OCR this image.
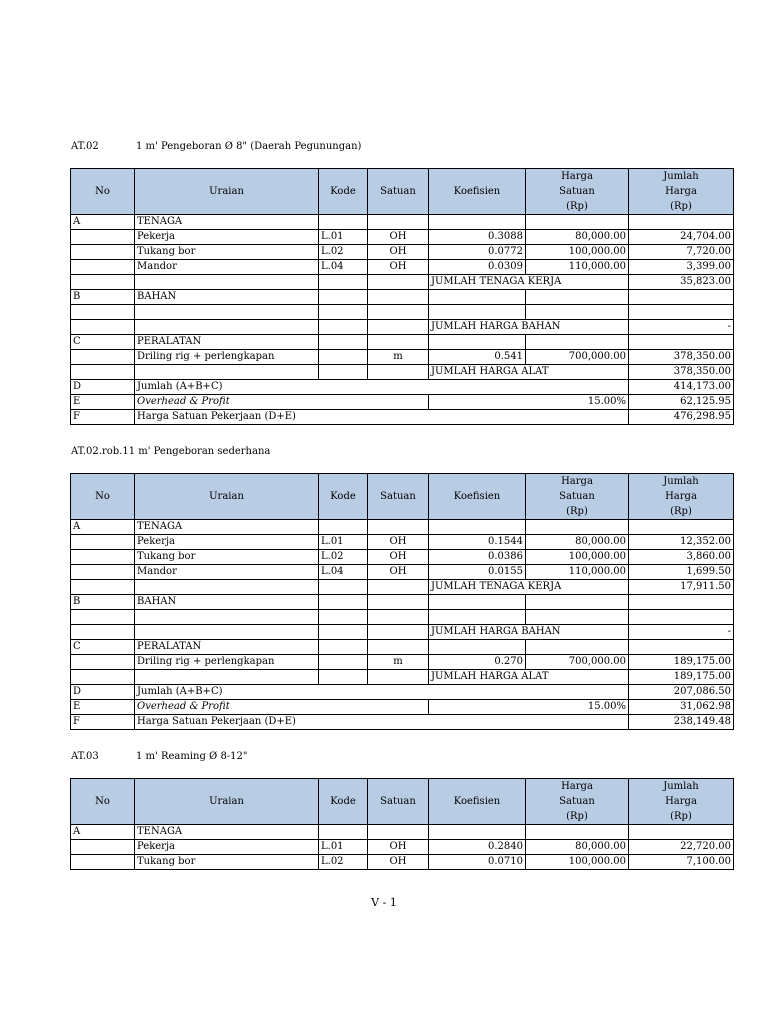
AT.02	1 m' Pengeboran Ø 8" (Daerah Pegunungan)
No	Uraian	Kode	Satuan	Koefisien	Harga	Jumlah
					Satuan	Harga
					(Rp)	(Rp)
A	TENAGA					
	Pekerja	L.01	OH	0.3088	80,000.00	24,704.00
	Tukang bor	L.02	OH	0.0772	100,000.00	7,720.00
	Mandor	L.04	OH	0.0309	110,000.00	3,399.00
				JUMLAH TENAGA KERJA		35,823.00
B	BAHAN					

				JUMLAH HARGA BAHAN		-
C	PERALATAN					
	Driling rig + perlengkapan		m	0.541	700,000.00	378,350.00
				JUMLAH HARGA ALAT		378,350.00
D	Jumlah (A+B+C)					414,173.00
E	Overhead & Profit			15.00%		62,125.95
F	Harga Satuan Pekerjaan (D+E)					476,298.95
AT.02.rob.11 m' Pengeboran sederhana
No	Uraian	Kode	Satuan	Koefisien	Harga	Jumlah
					Satuan	Harga
					(Rp)	(Rp)
A	TENAGA					
	Pekerja	L.01	OH	0.1544	80,000.00	12,352.00
	Tukang bor	L.02	OH	0.0386	100,000.00	3,860.00
	Mandor	L.04	OH	0.0155	110,000.00	1,699.50
				JUMLAH TENAGA KERJA		17,911.50
B	BAHAN					

				JUMLAH HARGA BAHAN		-
C	PERALATAN					
	Driling rig + perlengkapan		m	0.270	700,000.00	189,175.00
				JUMLAH HARGA ALAT		189,175.00
D	Jumlah (A+B+C)					207,086.50
E	Overhead & Profit			15.00%		31,062.98
F	Harga Satuan Pekerjaan (D+E)					238,149.48
AT.03	1 m' Reaming Ø 8-12"
No	Uraian	Kode	Satuan	Koefisien	Harga	Jumlah
					Satuan	Harga
					(Rp)	(Rp)
A	TENAGA					
	Pekerja	L.01	OH	0.2840	80,000.00	22,720.00
	Tukang bor	L.02	OH	0.0710	100,000.00	7,100.00
V - 1
